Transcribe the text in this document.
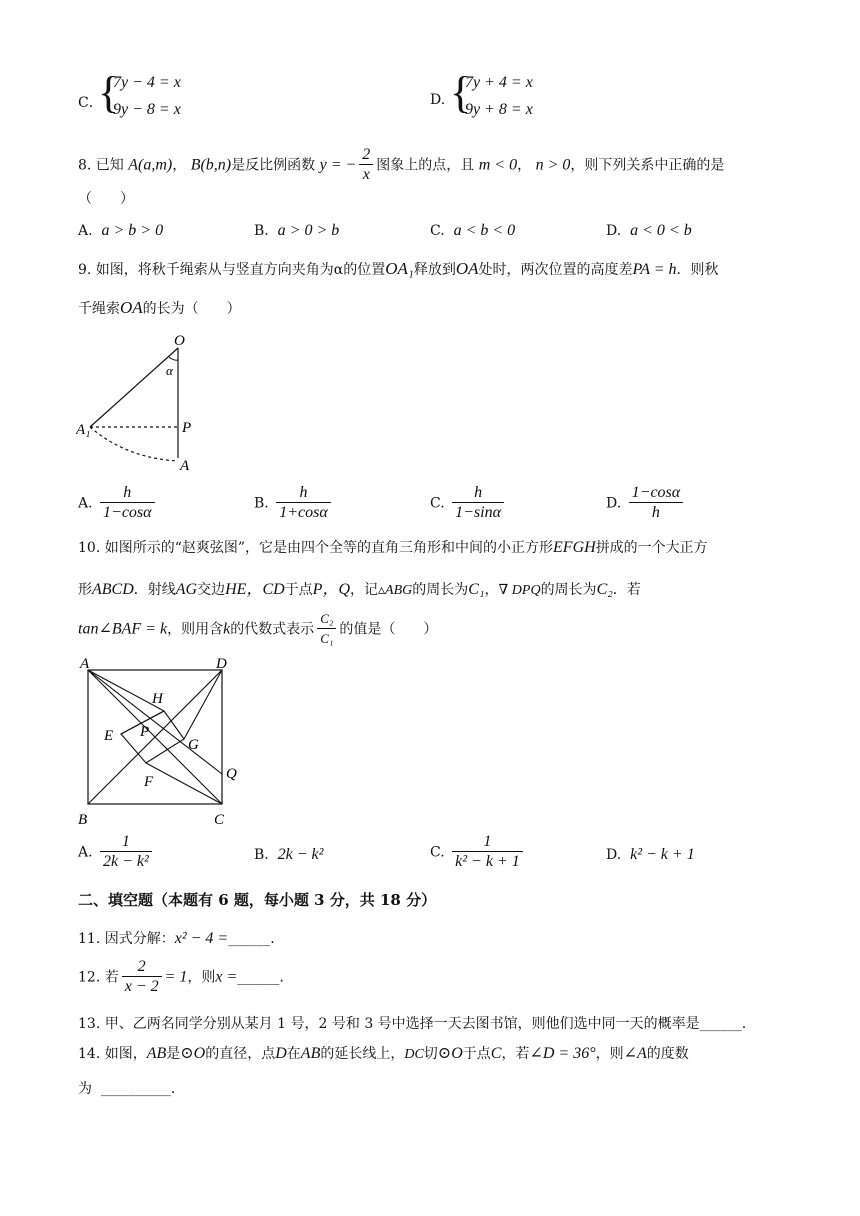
C．
{
7y − 4 = x
9y − 8 = x
D. {
7y + 4 = x
9y + 8 = x
8. 已知 A(a,m)， B(b,n)是反比例函数 y = − $\frac{2}{x}$ 图象上的点，且 m < 0， n > 0，则下列关系中正确的是
（　　）
A. a > b > 0	B. a > 0 > b	C. a < b < 0	D. a < 0 < b
9. 如图，将秋千绳索从与竖直方向夹角为α的位置OA₁释放到OA处时，两次位置的高度差PA = h．则秋
千绳索OA的长为（　　）
O
α
A₁	P
A
A. $\frac{h}{1-\cos\alpha}$	B. $\frac{h}{1+\cos\alpha}$	C. $\frac{h}{1-\sin\alpha}$	D. $\frac{1-\cos\alpha}{h}$
10. 如图所示的“赵爽弦图”，它是由四个全等的直角三角形和中间的小正方形EFGH拼成的一个大正方
形ABCD．射线AG交边HE，CD于点P，Q，记▵ABG的周长为C₁，∇ DPQ的周长为C₂．若
tan∠BAF = k，则用含k的代数式表示 $\frac{\text{C₂}}{\text{C₁}}$ 的值是（　　）
A	D
H
E P
G
Q
F
B	C
A. $\frac{1}{\text{2k − k²}}$	B. 2k − k²	C. $\frac{1}{\text{k² − k + 1}}$	D. k² − k + 1
二、填空题（本题有 6 题，每小题 3 分，共 18 分）
11. 因式分解：x² − 4 =______.
12. 若 $\frac{2}{x - 2} = 1$，则x =______.
13. 甲、乙两名同学分别从某月 1 号，2 号和 3 号中选择一天去图书馆，则他们选中同一天的概率是______.
14. 如图，AB是⊙O的直径，点D在AB的延长线上，DC切⊙O于点C，若∠D = 36°，则∠A的度数
为 __________.
